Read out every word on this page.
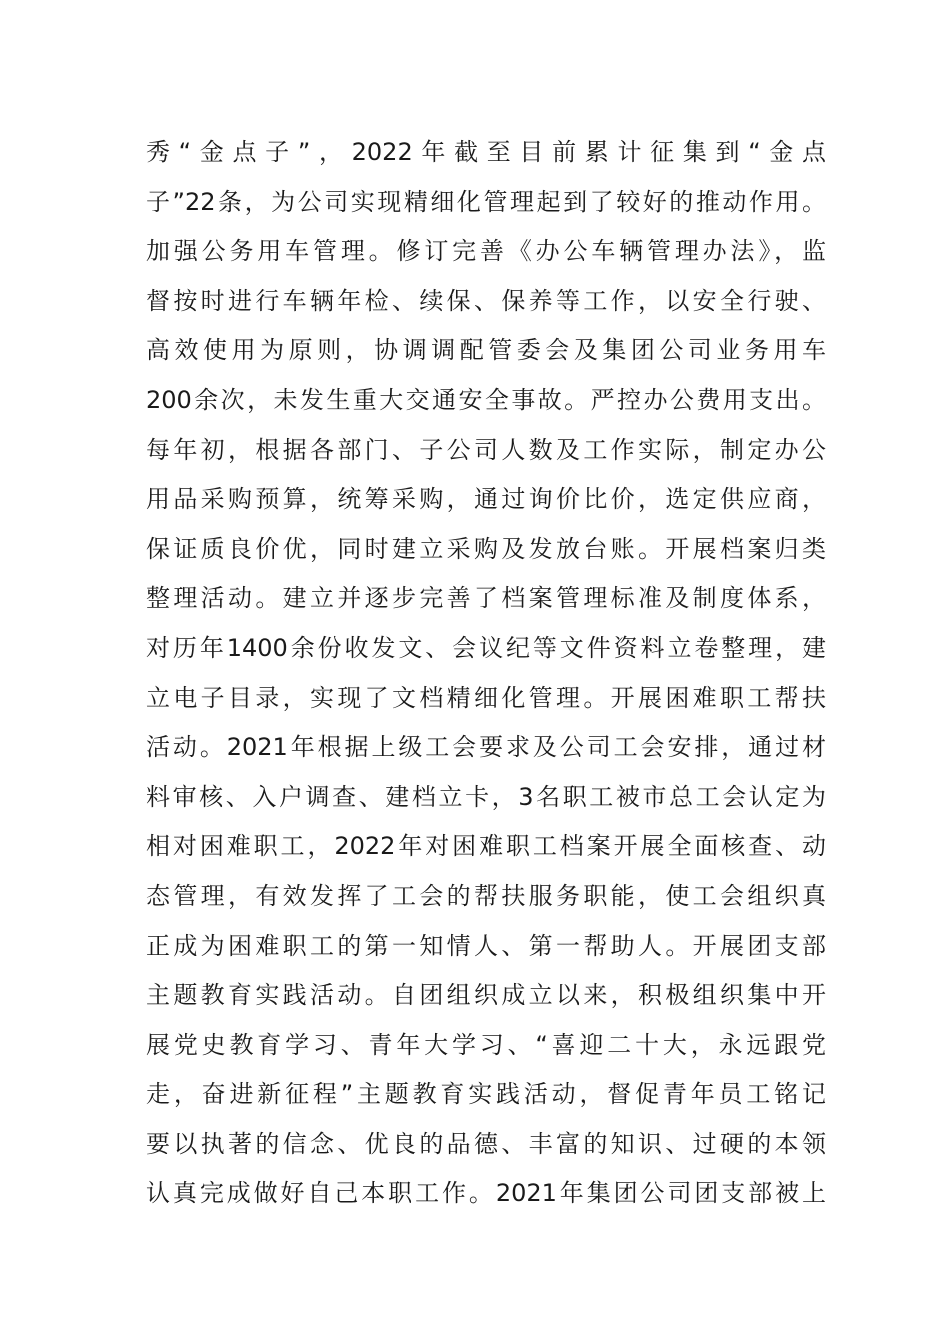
秀“金点子”，2022年截至目前累计征集到“金点
子”22条，为公司实现精细化管理起到了较好的推动作用。
加强公务用车管理。修订完善《办公车辆管理办法》，监
督按时进行车辆年检、续保、保养等工作，以安全行驶、
高效使用为原则，协调调配管委会及集团公司业务用车
200余次，未发生重大交通安全事故。严控办公费用支出。
每年初，根据各部门、子公司人数及工作实际，制定办公
用品采购预算，统筹采购，通过询价比价，选定供应商，
保证质良价优，同时建立采购及发放台账。开展档案归类
整理活动。建立并逐步完善了档案管理标准及制度体系，
对历年1400余份收发文、会议纪等文件资料立卷整理，建
立电子目录，实现了文档精细化管理。开展困难职工帮扶
活动。2021年根据上级工会要求及公司工会安排，通过材
料审核、入户调查、建档立卡，3名职工被市总工会认定为
相对困难职工，2022年对困难职工档案开展全面核查、动
态管理，有效发挥了工会的帮扶服务职能，使工会组织真
正成为困难职工的第一知情人、第一帮助人。开展团支部
主题教育实践活动。自团组织成立以来，积极组织集中开
展党史教育学习、青年大学习、“喜迎二十大，永远跟党
走，奋进新征程”主题教育实践活动，督促青年员工铭记
要以执著的信念、优良的品德、丰富的知识、过硬的本领
认真完成做好自己本职工作。2021年集团公司团支部被上
